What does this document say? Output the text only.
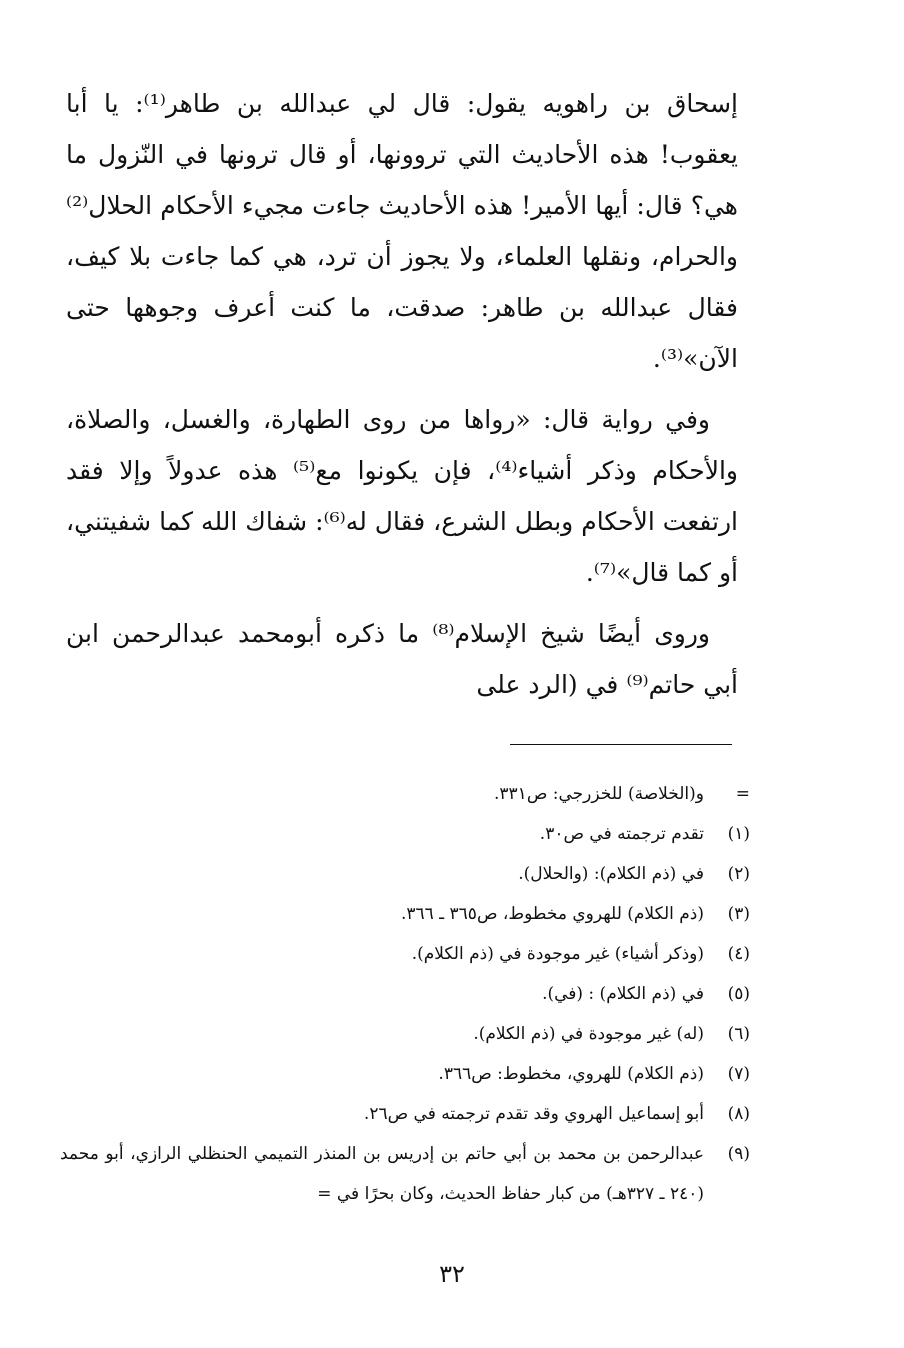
إسحاق بن راهويه يقول: قال لي عبدالله بن طاهر⁽¹⁾: يا أبا يعقوب! هذه الأحاديث التي تروونها، أو قال ترونها في النّزول ما هي؟ قال: أيها الأمير! هذه الأحاديث جاءت مجيء الأحكام الحلال⁽²⁾ والحرام، ونقلها العلماء، ولا يجوز أن ترد، هي كما جاءت بلا كيف، فقال عبدالله بن طاهر: صدقت، ما كنت أعرف وجوهها حتى الآن»⁽³⁾.

وفي رواية قال: «رواها من روى الطهارة، والغسل، والصلاة، والأحكام وذكر أشياء⁽⁴⁾، فإن يكونوا مع⁽⁵⁾ هذه عدولاً وإلا فقد ارتفعت الأحكام وبطل الشرع، فقال له⁽⁶⁾: شفاك الله كما شفيتني، أو كما قال»⁽⁷⁾.

وروى أيضًا شيخ الإسلام⁽⁸⁾ ما ذكره أبومحمد عبدالرحمن ابن أبي حاتم⁽⁹⁾ في (الرد على

=
و(الخلاصة) للخزرجي: ص٣٣١.
(١)
تقدم ترجمته في ص٣٠.
(٢)
في (ذم الكلام): (والحلال).
(٣)
(ذم الكلام) للهروي مخطوط، ص٣٦٥ ـ ٣٦٦.
(٤)
(وذكر أشياء) غير موجودة في (ذم الكلام).
(٥)
في (ذم الكلام) : (في).
(٦)
(له) غير موجودة في (ذم الكلام).
(٧)
(ذم الكلام) للهروي، مخطوط: ص٣٦٦.
(٨)
أبو إسماعيل الهروي وقد تقدم ترجمته في ص٢٦.
(٩)
عبدالرحمن بن محمد بن أبي حاتم بن إدريس بن المنذر التميمي الحنظلي الرازي، أبو محمد (٢٤٠ ـ ٣٢٧هـ) من كبار حفاظ الحديث، وكان بحرًا في =
٣٢
